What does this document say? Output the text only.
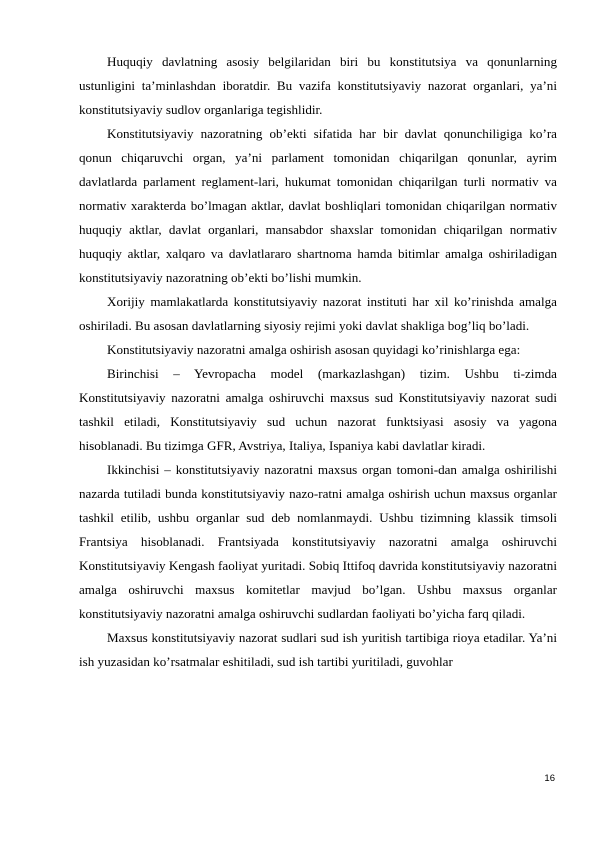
Huquqiy davlatning asosiy belgilaridan biri bu konstitutsiya va qonunlarning ustunligini ta’minlashdan iboratdir. Bu vazifa konstitutsiyaviy nazorat organlari, ya’ni konstitutsiyaviy sudlov organlariga tegishlidir.

Konstitutsiyaviy nazoratning ob’ekti sifatida har bir davlat qonunchiligiga ko’ra qonun chiqaruvchi organ, ya’ni parlament tomonidan chiqarilgan qonunlar, ayrim davlatlarda parlament reglament-lari, hukumat tomonidan chiqarilgan turli normativ va normativ xarakterda bo’lmagan aktlar, davlat boshliqlari tomonidan chiqarilgan normativ huquqiy aktlar, davlat organlari, mansabdor shaxslar tomonidan chiqarilgan normativ huquqiy aktlar, xalqaro va davlatlararo shartnoma hamda bitimlar amalga oshiriladigan konstitutsiyaviy nazoratning ob’ekti bo’lishi mumkin.

Xorijiy mamlakatlarda konstitutsiyaviy nazorat instituti har xil ko’rinishda amalga oshiriladi. Bu asosan davlatlarning siyosiy rejimi yoki davlat shakliga bog’liq bo’ladi.

Konstitutsiyaviy nazoratni amalga oshirish asosan quyidagi ko’rinishlarga ega:

Birinchisi – Yevropacha model (markazlashgan) tizim. Ushbu ti-zimda Konstitutsiyaviy nazoratni amalga oshiruvchi maxsus sud Konstitutsiyaviy nazorat sudi tashkil etiladi, Konstitutsiyaviy sud uchun nazorat funktsiyasi asosiy va yagona hisoblanadi. Bu tizimga GFR, Avstriya, Italiya, Ispaniya kabi davlatlar kiradi.

Ikkinchisi – konstitutsiyaviy nazoratni maxsus organ tomoni-dan amalga oshirilishi nazarda tutiladi bunda konstitutsiyaviy nazo-ratni amalga oshirish uchun maxsus organlar tashkil etilib, ushbu organlar sud deb nomlanmaydi. Ushbu tizimning klassik timsoli Frantsiya hisoblanadi. Frantsiyada konstitutsiyaviy nazoratni amalga oshiruvchi Konstitutsiyaviy Kengash faoliyat yuritadi. Sobiq Ittifoq davrida konstitutsiyaviy nazoratni amalga oshiruvchi maxsus komitetlar mavjud bo’lgan. Ushbu maxsus organlar konstitutsiyaviy nazoratni amalga oshiruvchi sudlardan faoliyati bo’yicha farq qiladi.

Maxsus konstitutsiyaviy nazorat sudlari sud ish yuritish tartibiga rioya etadilar. Ya’ni ish yuzasidan ko’rsatmalar eshitiladi, sud ish tartibi yuritiladi, guvohlar

16
